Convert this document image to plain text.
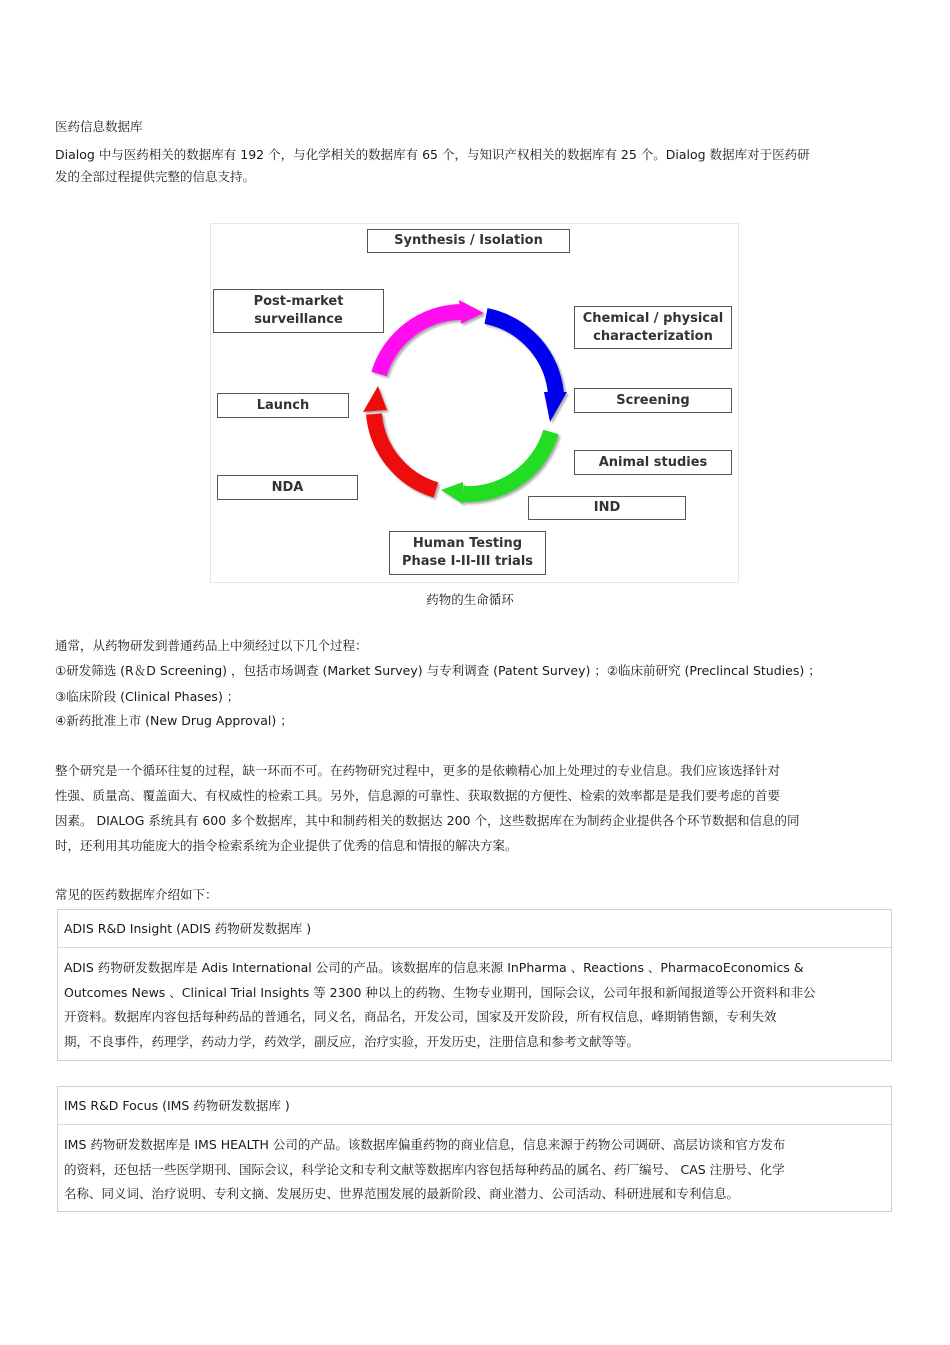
医药信息数据库
Dialog 中与医药相关的数据库有 192 个，与化学相关的数据库有 65 个，与知识产权相关的数据库有 25 个。Dialog 数据库对于医药研
发的全部过程提供完整的信息支持。
Synthesis / Isolation
Chemical / physical characterization
Screening
Animal studies
IND
Human Testing Phase I-II-III trials
NDA
Launch
Post-market surveillance
药物的生命循环
通常，从药物研发到普通药品上中须经过以下几个过程：
①研发筛选 (R＆D Screening) ，包括市场调查 (Market Survey) 与专利调查 (Patent Survey) ；②临床前研究 (Preclincal Studies) ；
③临床阶段 (Clinical Phases) ；
④新药批准上市 (New Drug Approval) ；
整个研究是一个循环往复的过程，缺一环而不可。在药物研究过程中，更多的是依赖精心加上处理过的专业信息。我们应该选择针对
性强、质量高、覆盖面大、有权威性的检索工具。另外，信息源的可靠性、获取数据的方便性、检索的效率都是是我们要考虑的首要
因素。 DIALOG 系统具有 600 多个数据库，其中和制药相关的数据达 200 个，这些数据库在为制药企业提供各个环节数据和信息的同
时，还利用其功能庞大的指令检索系统为企业提供了优秀的信息和情报的解决方案。
常见的医药数据库介绍如下：
ADIS R&D Insight (ADIS 药物研发数据库 )
ADIS 药物研发数据库是 Adis International 公司的产品。该数据库的信息来源 InPharma 、Reactions 、PharmacoEconomics &
Outcomes News 、Clinical Trial Insights 等 2300 种以上的药物、生物专业期刊，国际会议，公司年报和新闻报道等公开资料和非公
开资料。数据库内容包括每种药品的普通名，同义名，商品名，开发公司，国家及开发阶段，所有权信息，峰期销售额，专利失效
期，不良事件，药理学，药动力学，药效学，副反应，治疗实验，开发历史，注册信息和参考文献等等。
IMS R&D Focus (IMS 药物研发数据库 )
IMS 药物研发数据库是 IMS HEALTH 公司的产品。该数据库偏重药物的商业信息，信息来源于药物公司调研、高层访谈和官方发布
的资料，还包括一些医学期刊、国际会议，科学论文和专利文献等数据库内容包括每种药品的属名、药厂编号、 CAS 注册号、化学
名称、同义词、治疗说明、专利文摘、发展历史、世界范围发展的最新阶段、商业潜力、公司活动、科研进展和专利信息。
